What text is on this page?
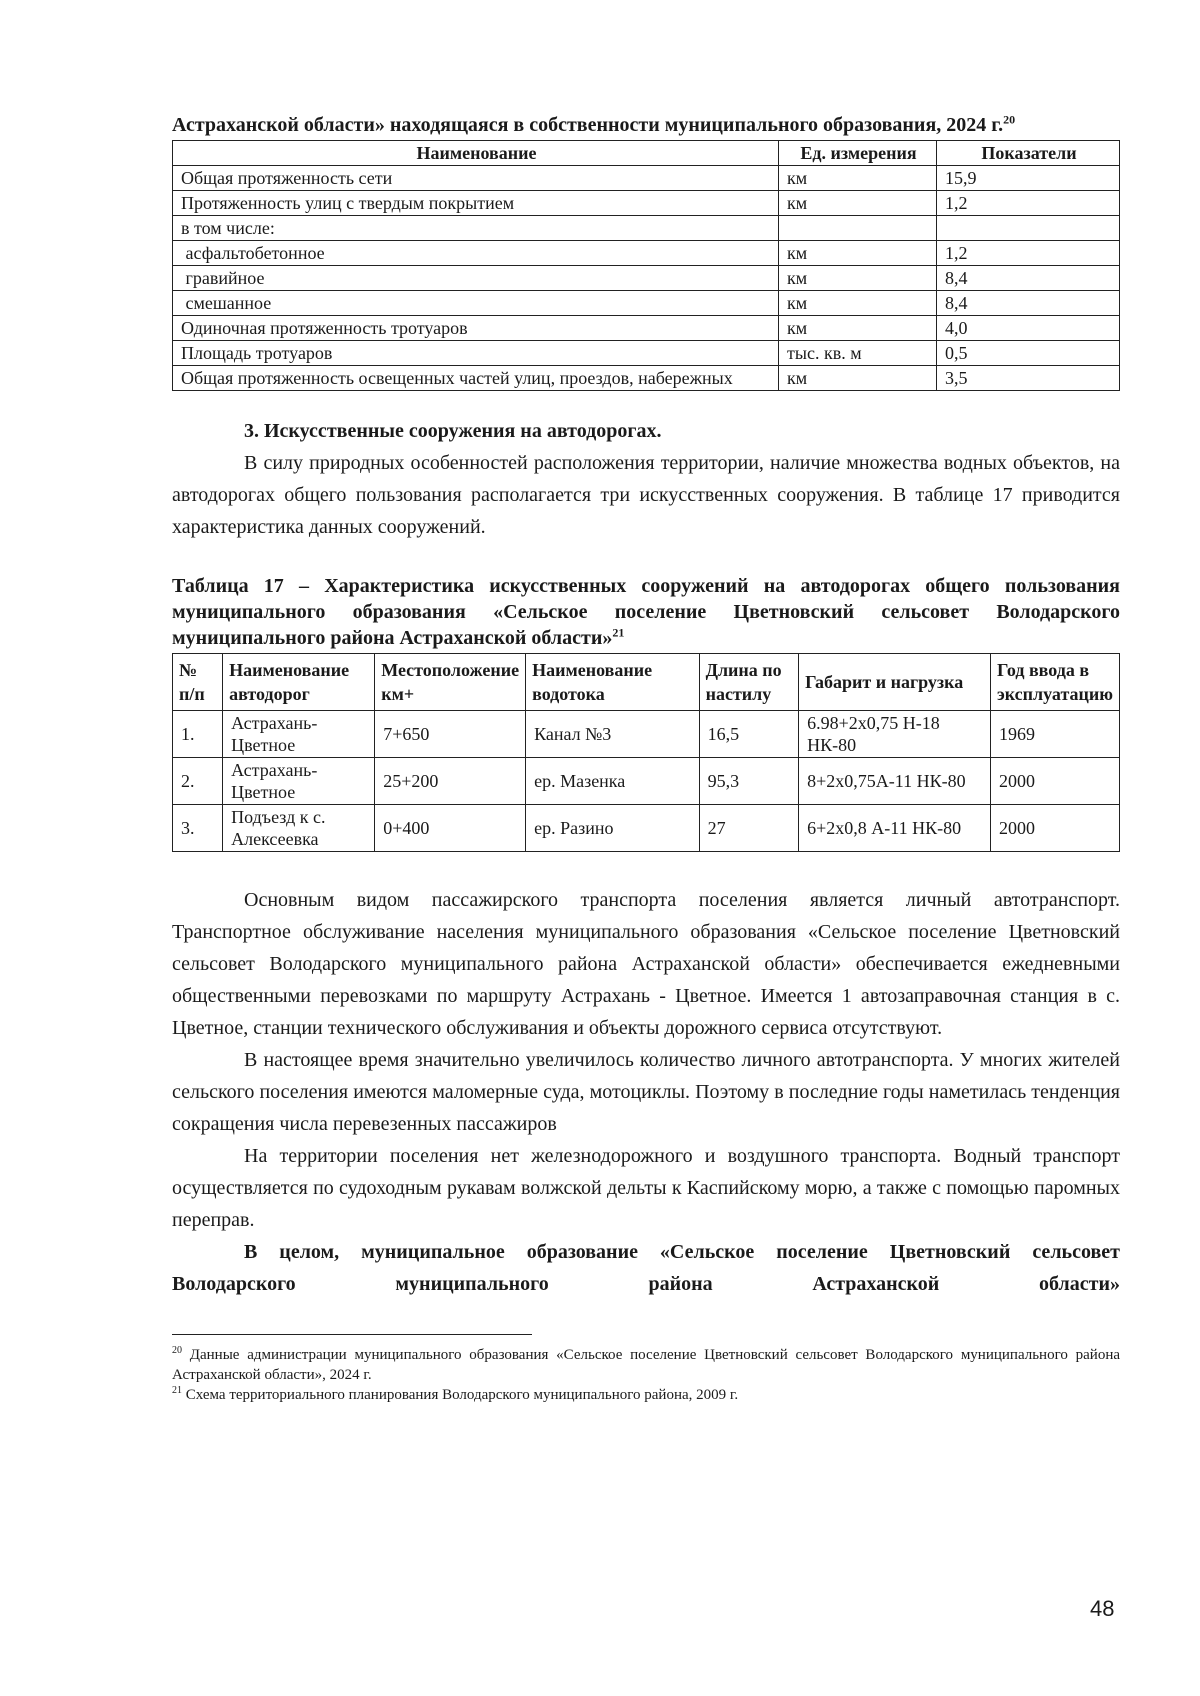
Астраханской области» находящаяся в собственности муниципального образования, 2024 г.$^{20}$

Наименование	Ед. измерения	Показатели
Общая протяженность сети	км	15,9
Протяженность улиц с твердым покрытием	км	1,2
в том числе:		
асфальтобетонное	км	1,2
гравийное	км	8,4
смешанное	км	8,4
Одиночная протяженность тротуаров	км	4,0
Площадь тротуаров	тыс. кв. м	0,5
Общая протяженность освещенных частей улиц, проездов, набережных	км	3,5

3. Искусственные сооружения на автодорогах.

В силу природных особенностей расположения территории, наличие множества водных объектов, на автодорогах общего пользования располагается три искусственных сооружения. В таблице 17 приводится характеристика данных сооружений.

Таблица 17 – Характеристика искусственных сооружений на автодорогах общего пользования муниципального образования «Сельское поселение Цветновский сельсовет Володарского муниципального района Астраханской области»$^{21}$

№ п/п	Наименование автодорог	Местоположение км+	Наименование водотока	Длина по настилу	Габарит и нагрузка	Год ввода в эксплуатацию
1.	Астрахань-Цветное	7+650	Канал №3	16,5	6.98+2х0,75 Н-18 НК-80	1969
2.	Астрахань-Цветное	25+200	ер. Мазенка	95,3	8+2х0,75А-11 НК-80	2000
3.	Подъезд к с. Алексеевка	0+400	ер. Разино	27	6+2х0,8 А-11 НК-80	2000

Основным видом пассажирского транспорта поселения является личный автотранспорт. Транспортное обслуживание населения муниципального образования «Сельское поселение Цветновский сельсовет Володарского муниципального района Астраханской области» обеспечивается ежедневными общественными перевозками по маршруту Астрахань - Цветное. Имеется 1 автозаправочная станция в с. Цветное, станции технического обслуживания и объекты дорожного сервиса отсутствуют.

В настоящее время значительно увеличилось количество личного автотранспорта. У многих жителей сельского поселения имеются маломерные суда, мотоциклы. Поэтому в последние годы наметилась тенденция сокращения числа перевезенных пассажиров

На территории поселения нет железнодорожного и воздушного транспорта. Водный транспорт осуществляется по судоходным рукавам волжской дельты к Каспийскому морю, а также с помощью паромных переправ.

В целом, муниципальное образование «Сельское поселение Цветновский сельсовет Володарского муниципального района Астраханской области»

$^{20}$ Данные администрации муниципального образования «Сельское поселение Цветновский сельсовет Володарского муниципального района Астраханской области», 2024 г.

$^{21}$ Схема территориального планирования Володарского муниципального района, 2009 г.

48
